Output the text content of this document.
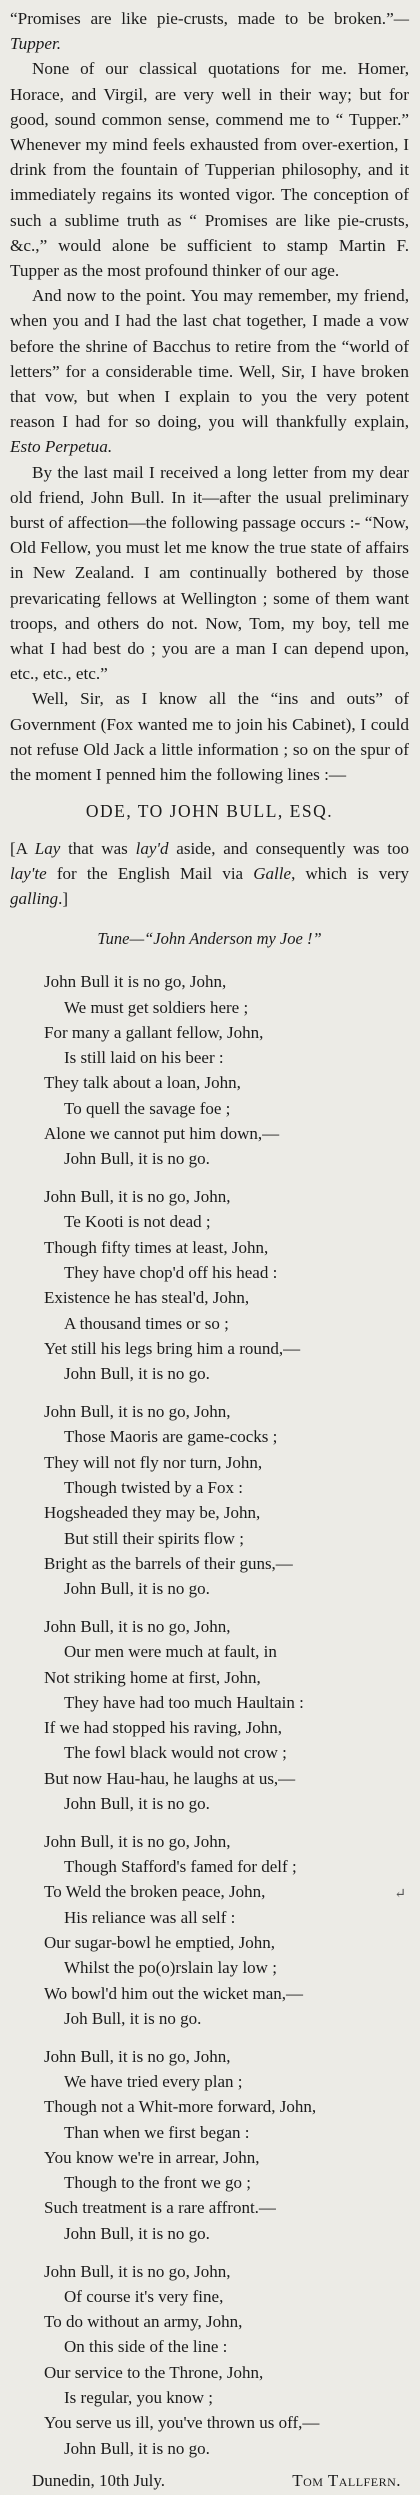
“Promises are like pie-crusts, made to be broken.”—Tupper.

None of our classical quotations for me. Homer, Horace, and Virgil, are very well in their way; but for good, sound common sense, commend me to “ Tupper.” Whenever my mind feels exhausted from over-exertion, I drink from the fountain of Tupperian philosophy, and it immediately regains its wonted vigor. The conception of such a sublime truth as “ Promises are like pie-crusts, &c.,” would alone be sufficient to stamp Martin F. Tupper as the most profound thinker of our age.

And now to the point. You may remember, my friend, when you and I had the last chat together, I made a vow before the shrine of Bacchus to retire from the “world of letters” for a considerable time. Well, Sir, I have broken that vow, but when I explain to you the very potent reason I had for so doing, you will thankfully explain, Esto Perpetua.

By the last mail I received a long letter from my dear old friend, John Bull. In it—after the usual preliminary burst of affection—the following passage occurs :- “Now, Old Fellow, you must let me know the true state of affairs in New Zealand. I am continually bothered by those prevaricating fellows at Wellington ; some of them want troops, and others do not. Now, Tom, my boy, tell me what I had best do ; you are a man I can depend upon, etc., etc., etc.”

Well, Sir, as I know all the “ins and outs” of Government (Fox wanted me to join his Cabinet), I could not refuse Old Jack a little information ; so on the spur of the moment I penned him the following lines :—

ODE, TO JOHN BULL, ESQ.

[A Lay that was lay'd aside, and consequently was too lay'te for the English Mail via Galle, which is very galling.]

Tune—“John Anderson my Joe !”
John Bull it is no go, John,
We must get soldiers here ;
For many a gallant fellow, John,
Is still laid on his beer :
They talk about a loan, John,
To quell the savage foe ;
Alone we cannot put him down,—
John Bull, it is no go.
John Bull, it is no go, John,
Te Kooti is not dead ;
Though fifty times at least, John,
They have chop'd off his head :
Existence he has steal'd, John,
A thousand times or so ;
Yet still his legs bring him a round,—
John Bull, it is no go.
John Bull, it is no go, John,
Those Maoris are game-cocks ;
They will not fly nor turn, John,
Though twisted by a Fox :
Hogsheaded they may be, John,
But still their spirits flow ;
Bright as the barrels of their guns,—
John Bull, it is no go.
John Bull, it is no go, John,
Our men were much at fault, in
Not striking home at first, John,
They have had too much Haultain :
If we had stopped his raving, John,
The fowl black would not crow ;
But now Hau-hau, he laughs at us,—
John Bull, it is no go.
John Bull, it is no go, John,
Though Stafford's famed for delf ;
To Weld the broken peace, John,
His reliance was all self :
Our sugar-bowl he emptied, John,
Whilst the po(o)rslain lay low ;
Wo bowl'd him out the wicket man,—
Joh Bull, it is no go.
John Bull, it is no go, John,
We have tried every plan ;
Though not a Whit-more forward, John,
Than when we first began :
You know we're in arrear, John,
Though to the front we go ;
Such treatment is a rare affront.—
John Bull, it is no go.
John Bull, it is no go, John,
Of course it's very fine,
To do without an army, John,
On this side of the line :
Our service to the Throne, John,
Is regular, you know ;
You serve us ill, you've thrown us off,—
John Bull, it is no go.
Dunedin, 10th July.	Tom Tallfern.
↵
